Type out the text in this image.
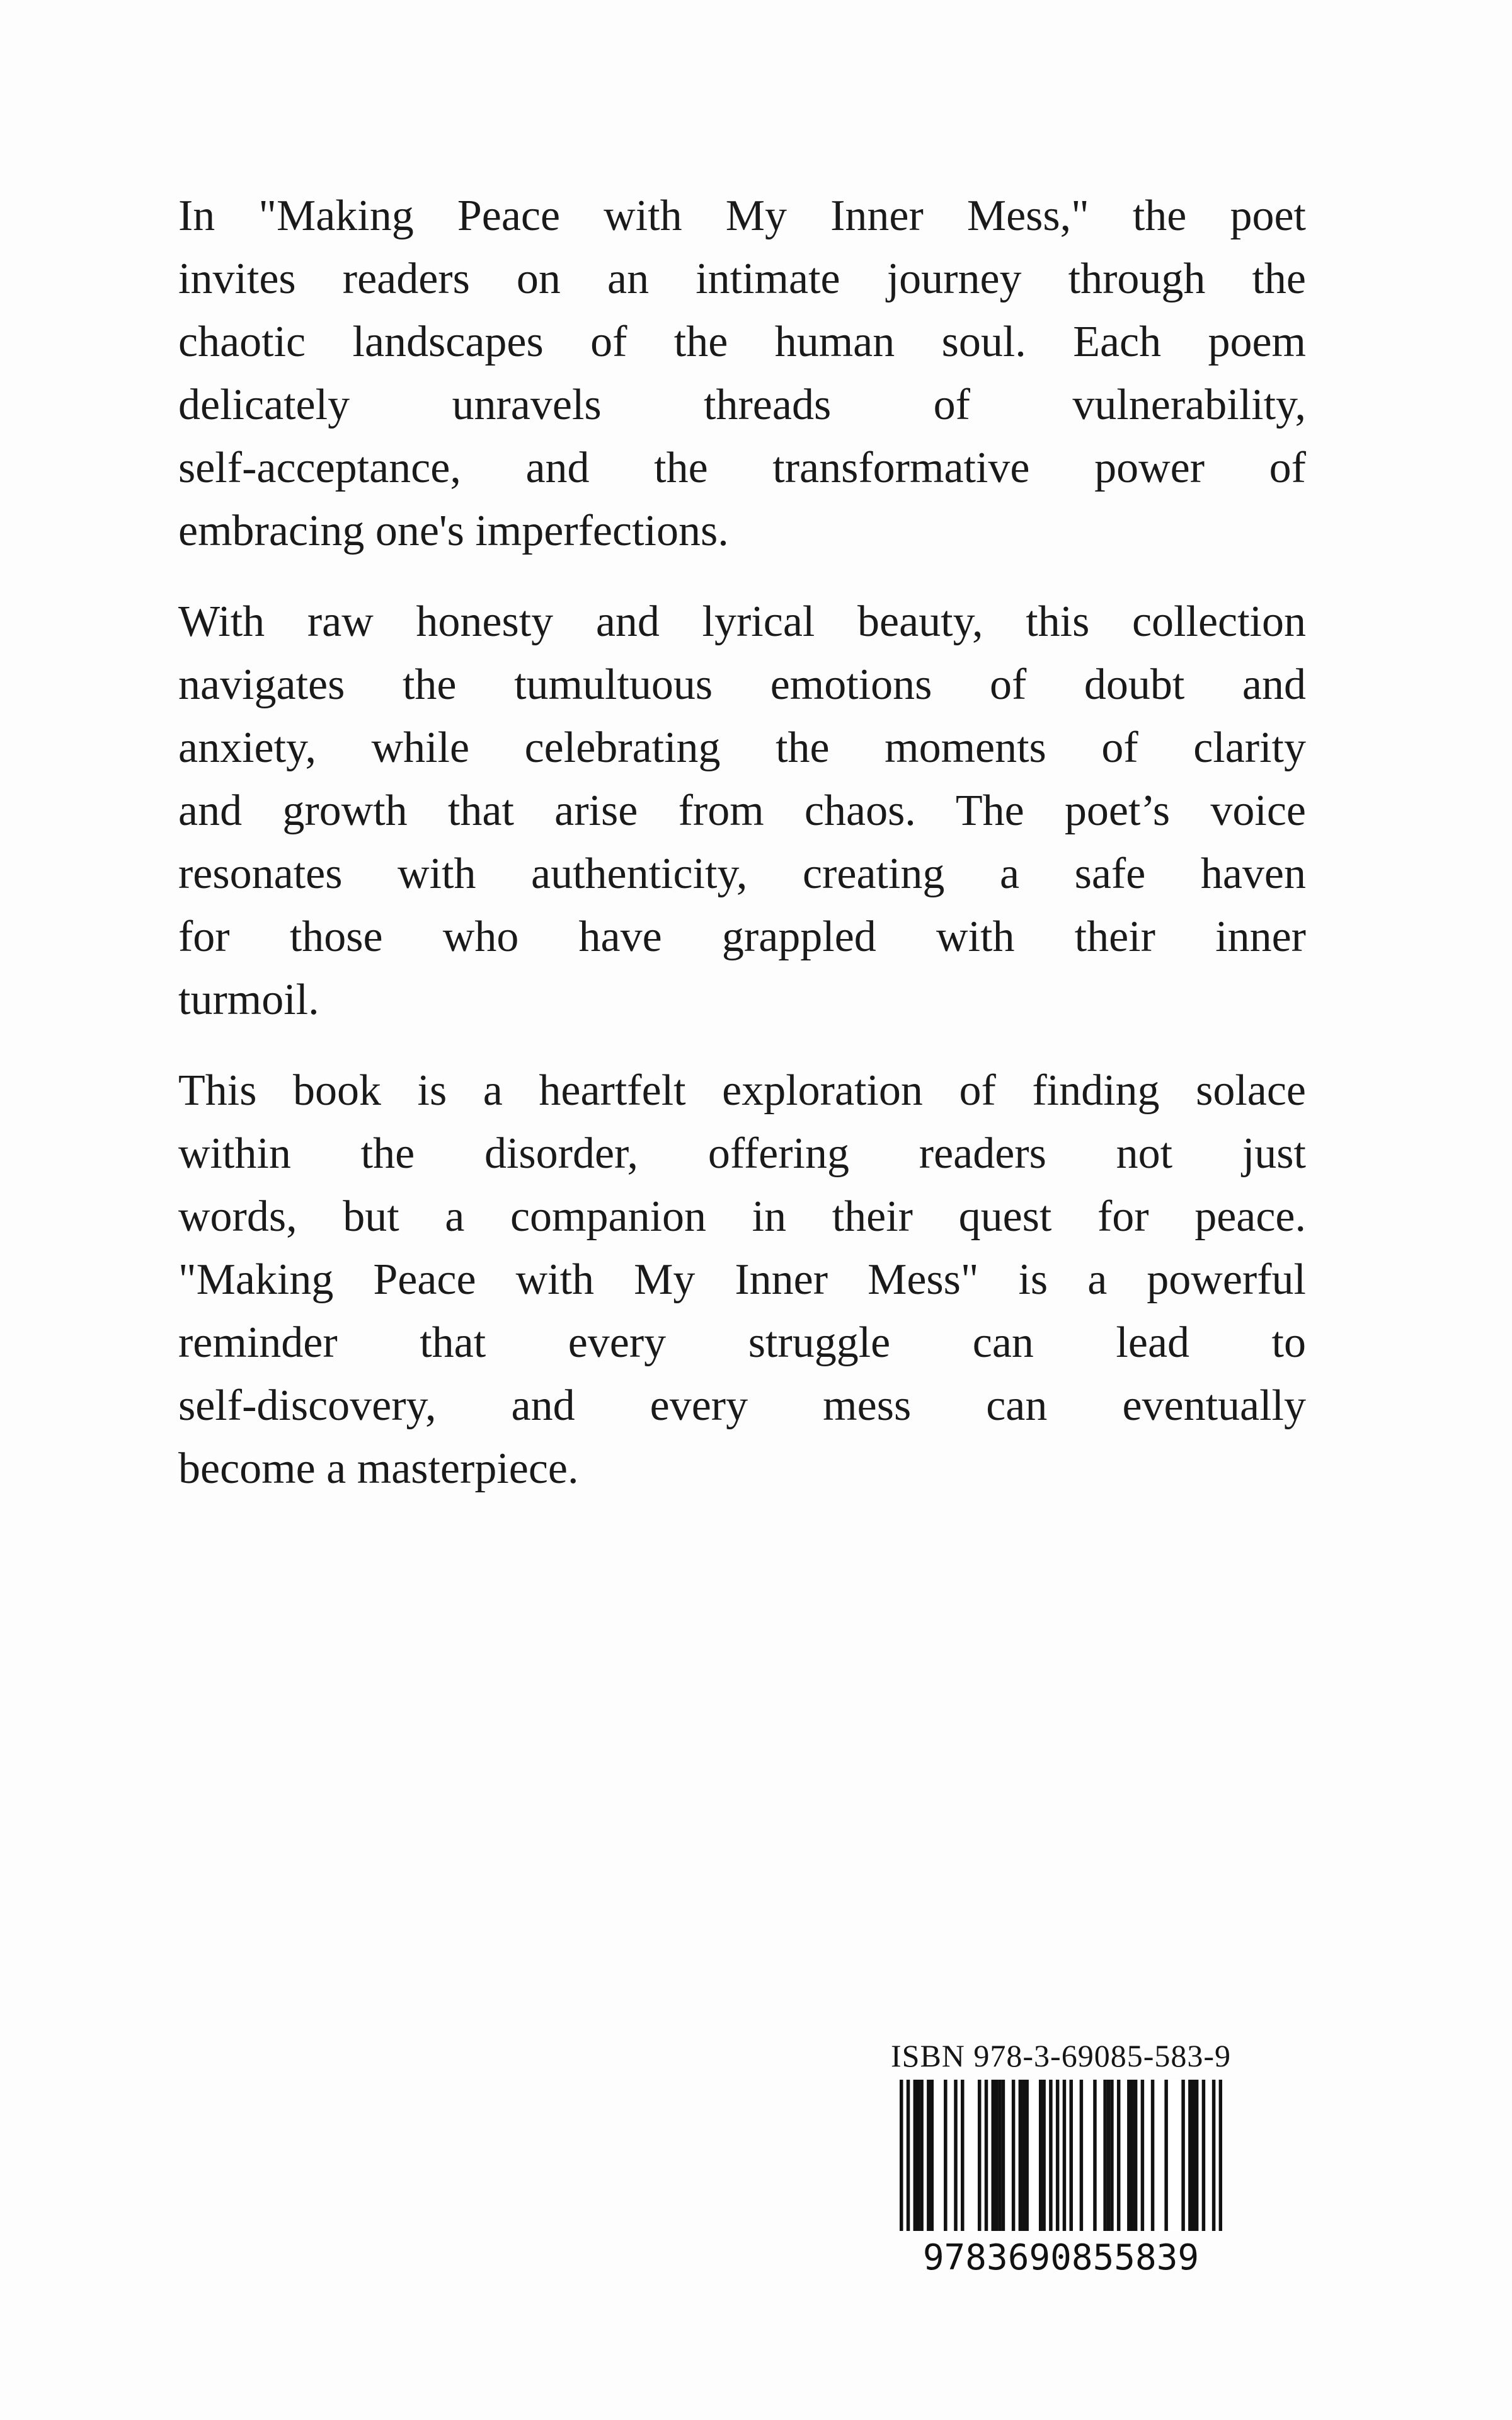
In "Making Peace with My Inner Mess," the poet
invites readers on an intimate journey through the
chaotic landscapes of the human soul. Each poem
delicately unravels threads of vulnerability,
self-acceptance, and the transformative power of
embracing one's imperfections.
With raw honesty and lyrical beauty, this collection
navigates the tumultuous emotions of doubt and
anxiety, while celebrating the moments of clarity
and growth that arise from chaos. The poet’s voice
resonates with authenticity, creating a safe haven
for those who have grappled with their inner
turmoil.
This book is a heartfelt exploration of finding solace
within the disorder, offering readers not just
words, but a companion in their quest for peace.
"Making Peace with My Inner Mess" is a powerful
reminder that every struggle can lead to
self-discovery, and every mess can eventually
become a masterpiece.
ISBN 978-3-69085-583-9
9783690855839
